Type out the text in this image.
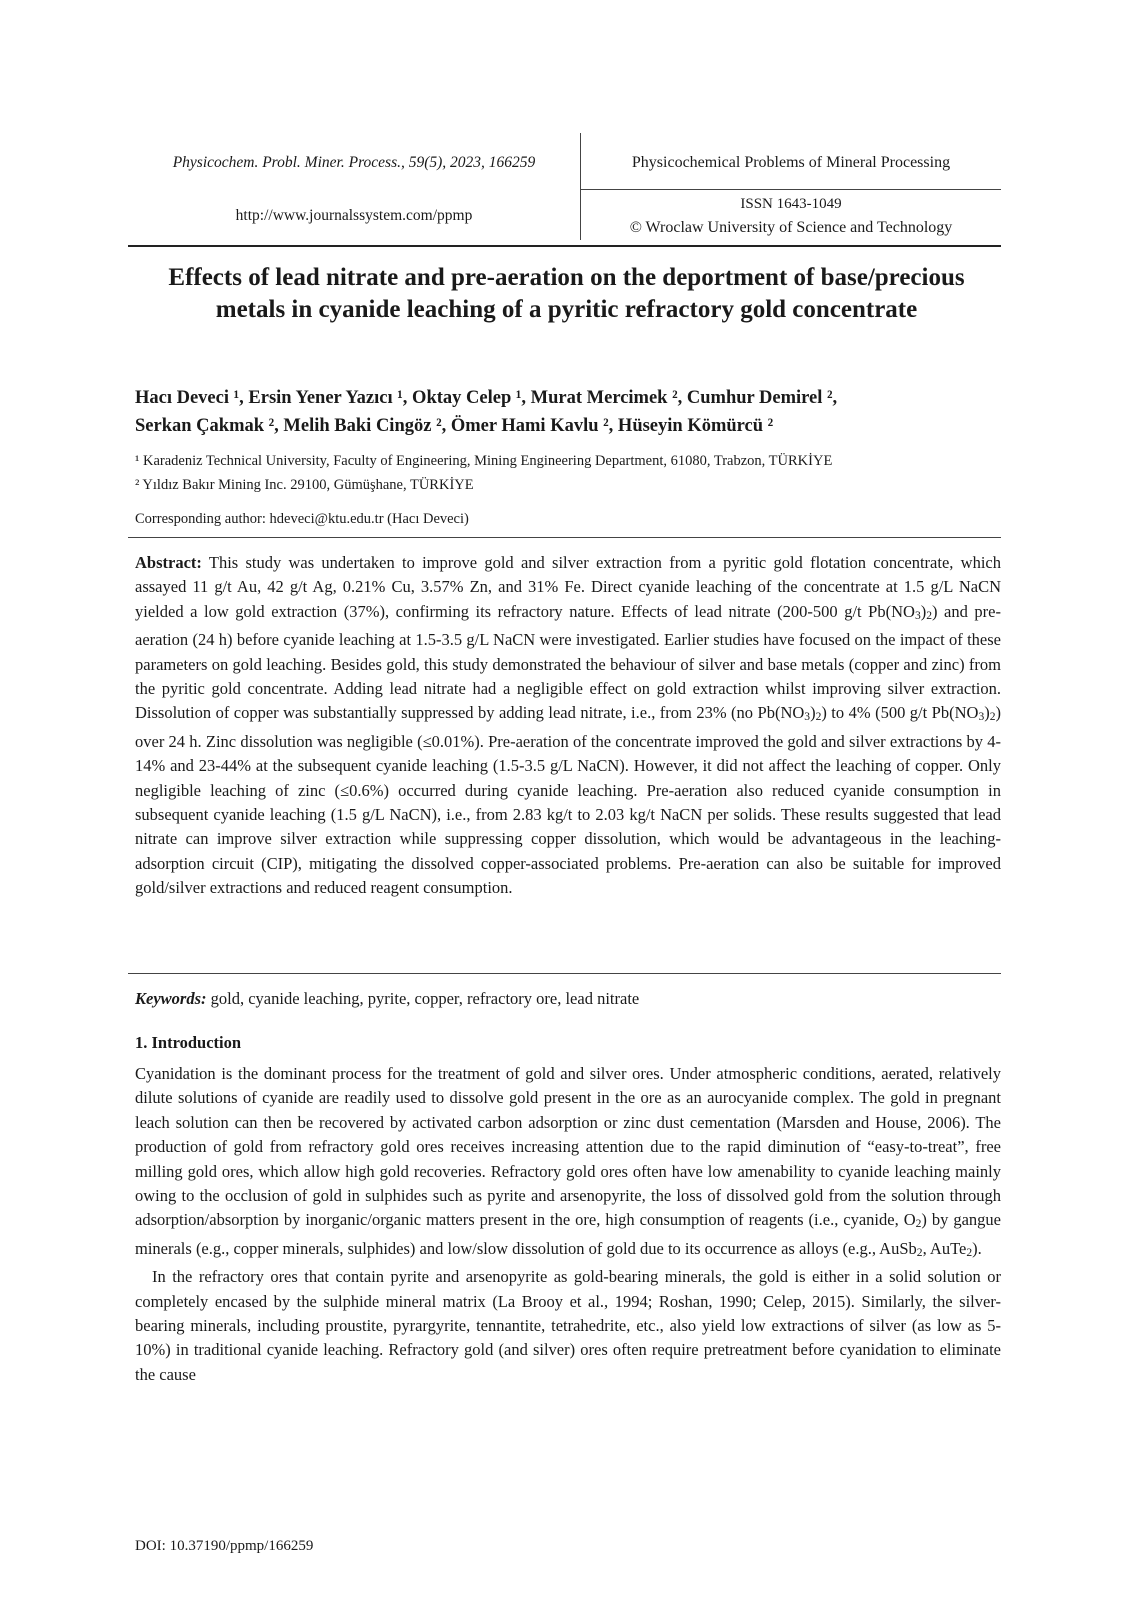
Physicochem. Probl. Miner. Process., 59(5), 2023, 166259
http://www.journalssystem.com/ppmp
Physicochemical Problems of Mineral Processing
ISSN 1643-1049
© Wroclaw University of Science and Technology
Effects of lead nitrate and pre-aeration on the deportment of base/precious metals in cyanide leaching of a pyritic refractory gold concentrate
Hacı Deveci ¹, Ersin Yener Yazıcı ¹, Oktay Celep ¹, Murat Mercimek ², Cumhur Demirel ²,
Serkan Çakmak ², Melih Baki Cingöz ², Ömer Hami Kavlu ², Hüseyin Kömürcü ²
¹ Karadeniz Technical University, Faculty of Engineering, Mining Engineering Department, 61080, Trabzon, TÜRKİYE
² Yıldız Bakır Mining Inc. 29100, Gümüşhane, TÜRKİYE
Corresponding author: hdeveci@ktu.edu.tr (Hacı Deveci)
Abstract: This study was undertaken to improve gold and silver extraction from a pyritic gold flotation concentrate, which assayed 11 g/t Au, 42 g/t Ag, 0.21% Cu, 3.57% Zn, and 31% Fe. Direct cyanide leaching of the concentrate at 1.5 g/L NaCN yielded a low gold extraction (37%), confirming its refractory nature. Effects of lead nitrate (200-500 g/t $Pb(NO_3)_2$) and pre-aeration (24 h) before cyanide leaching at 1.5-3.5 g/L NaCN were investigated. Earlier studies have focused on the impact of these parameters on gold leaching. Besides gold, this study demonstrated the behaviour of silver and base metals (copper and zinc) from the pyritic gold concentrate. Adding lead nitrate had a negligible effect on gold extraction whilst improving silver extraction. Dissolution of copper was substantially suppressed by adding lead nitrate, i.e., from 23% (no $Pb(NO_3)_2$) to 4% (500 g/t $Pb(NO_3)_2$) over 24 h. Zinc dissolution was negligible (≤0.01%). Pre-aeration of the concentrate improved the gold and silver extractions by 4-14% and 23-44% at the subsequent cyanide leaching (1.5-3.5 g/L NaCN). However, it did not affect the leaching of copper. Only negligible leaching of zinc (≤0.6%) occurred during cyanide leaching. Pre-aeration also reduced cyanide consumption in subsequent cyanide leaching (1.5 g/L NaCN), i.e., from 2.83 kg/t to 2.03 kg/t NaCN per solids. These results suggested that lead nitrate can improve silver extraction while suppressing copper dissolution, which would be advantageous in the leaching-adsorption circuit (CIP), mitigating the dissolved copper-associated problems. Pre-aeration can also be suitable for improved gold/silver extractions and reduced reagent consumption.
Keywords: gold, cyanide leaching, pyrite, copper, refractory ore, lead nitrate
1. Introduction

Cyanidation is the dominant process for the treatment of gold and silver ores. Under atmospheric conditions, aerated, relatively dilute solutions of cyanide are readily used to dissolve gold present in the ore as an aurocyanide complex. The gold in pregnant leach solution can then be recovered by activated carbon adsorption or zinc dust cementation (Marsden and House, 2006). The production of gold from refractory gold ores receives increasing attention due to the rapid diminution of “easy-to-treat”, free milling gold ores, which allow high gold recoveries. Refractory gold ores often have low amenability to cyanide leaching mainly owing to the occlusion of gold in sulphides such as pyrite and arsenopyrite, the loss of dissolved gold from the solution through adsorption/absorption by inorganic/organic matters present in the ore, high consumption of reagents (i.e., cyanide, $O_2$) by gangue minerals (e.g., copper minerals, sulphides) and low/slow dissolution of gold due to its occurrence as alloys (e.g., AuSb$_2$, AuTe$_2$).

In the refractory ores that contain pyrite and arsenopyrite as gold-bearing minerals, the gold is either in a solid solution or completely encased by the sulphide mineral matrix (La Brooy et al., 1994; Roshan, 1990; Celep, 2015). Similarly, the silver-bearing minerals, including proustite, pyrargyrite, tennantite, tetrahedrite, etc., also yield low extractions of silver (as low as 5-10%) in traditional cyanide leaching. Refractory gold (and silver) ores often require pretreatment before cyanidation to eliminate the cause

DOI: 10.37190/ppmp/166259
